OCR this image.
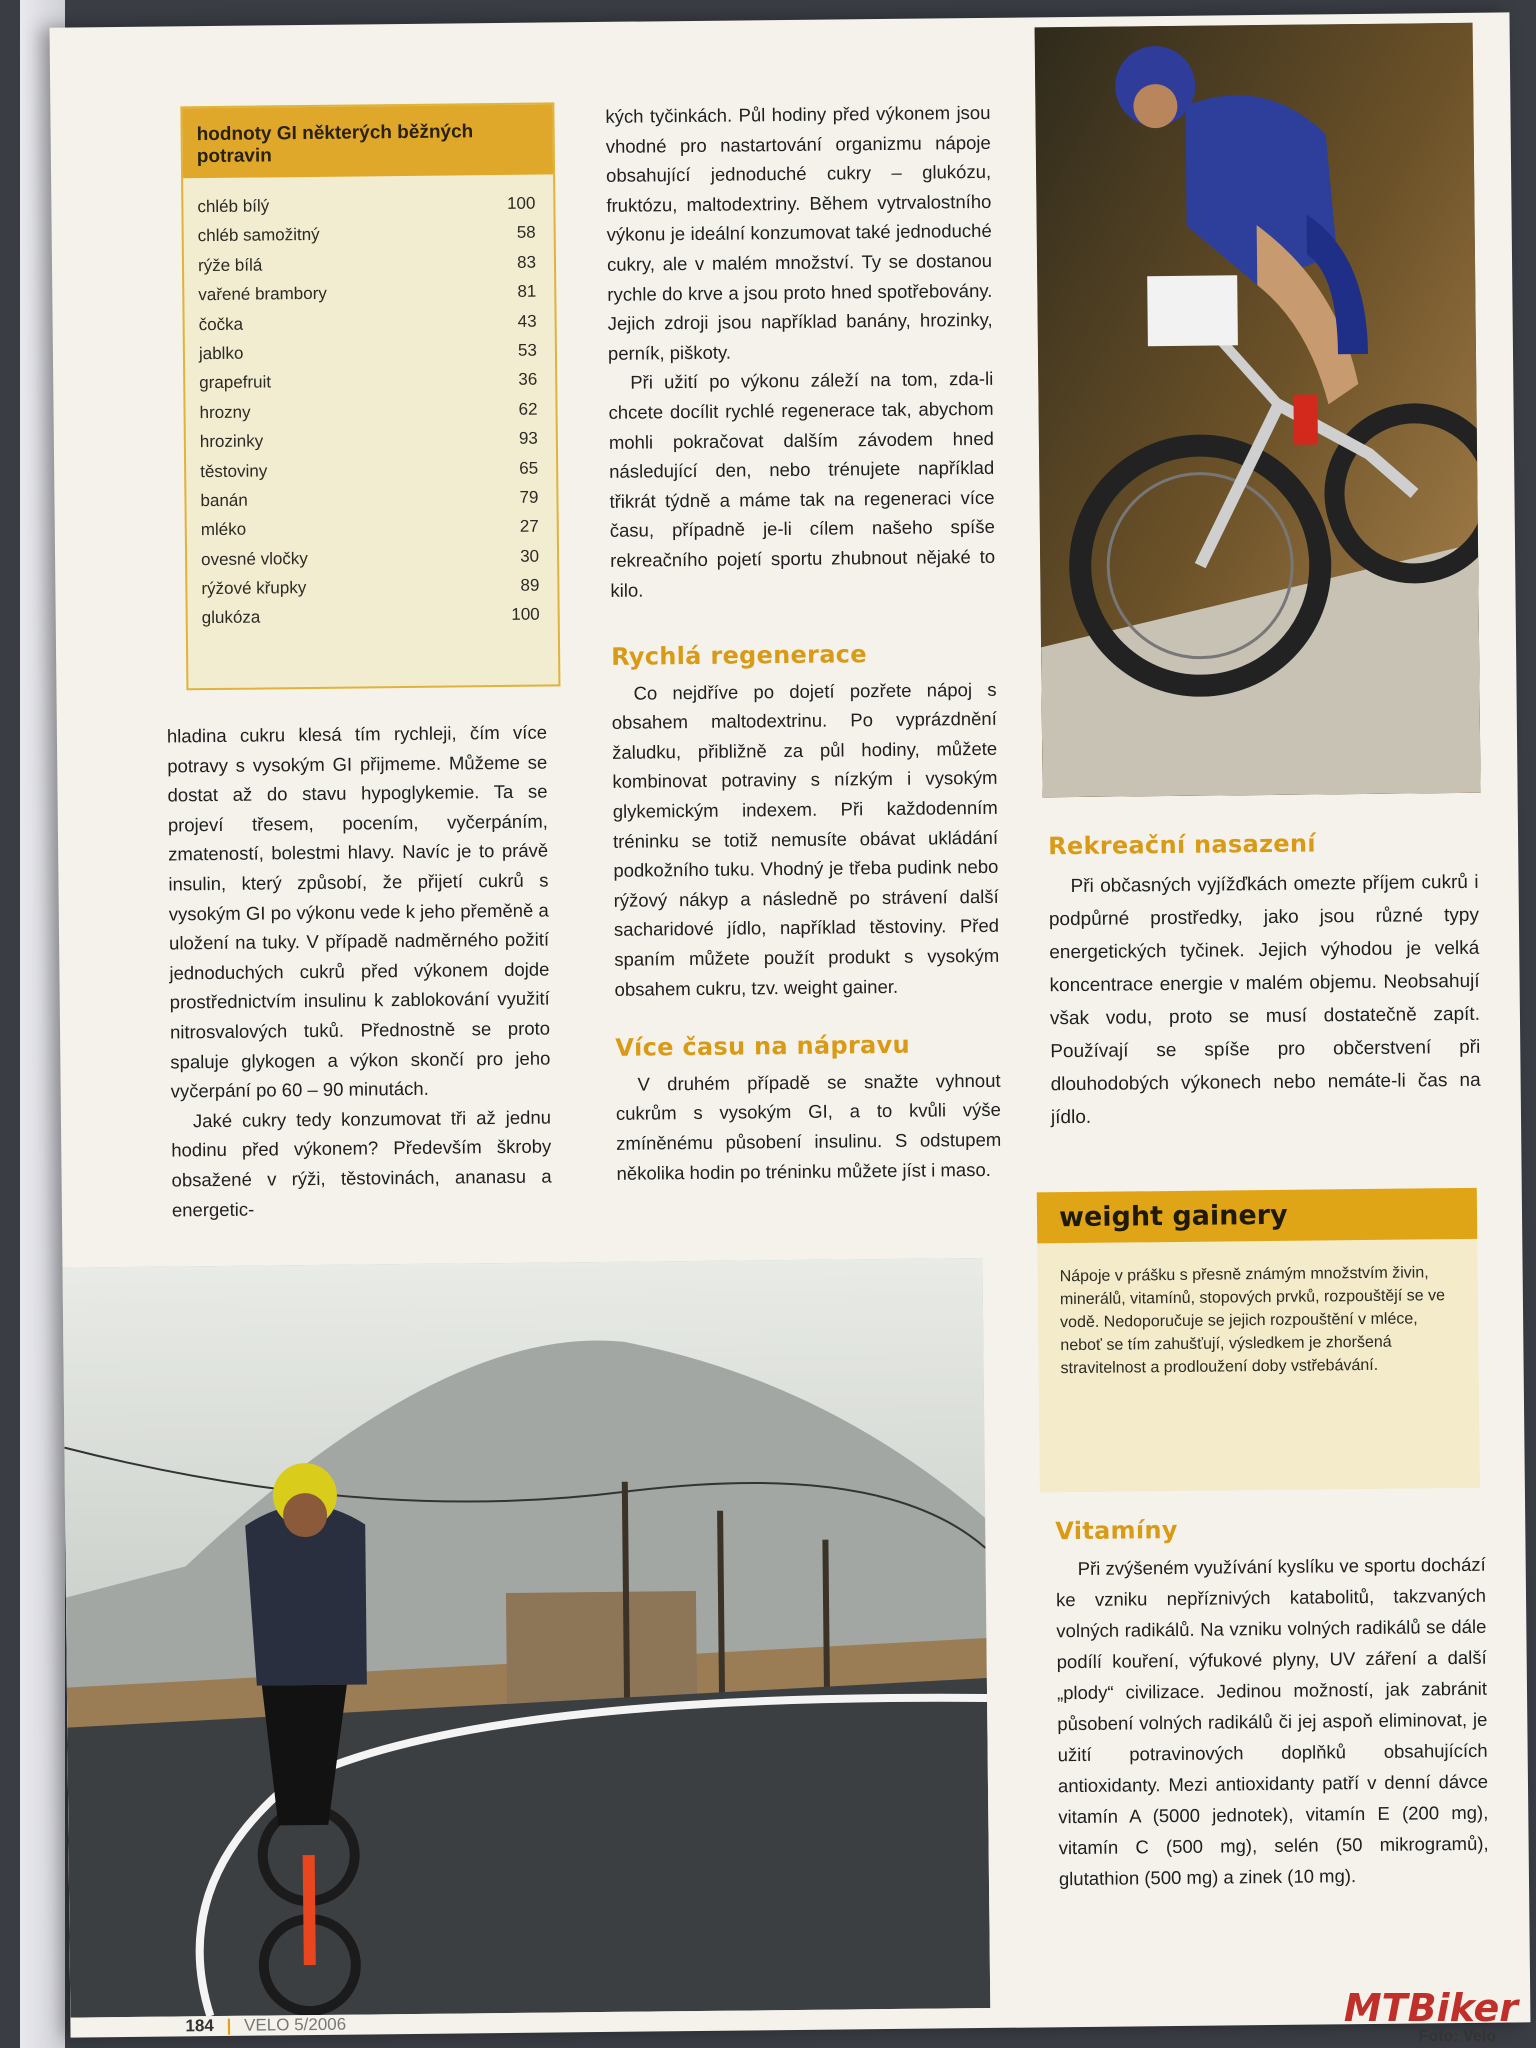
hodnoty GI některých běžných potravin
chléb bílý	100
chléb samožitný	58
rýže bílá	83
vařené brambory	81
čočka	43
jablko	53
grapefruit	36
hrozny	62
hrozinky	93
těstoviny	65
banán	79
mléko	27
ovesné vločky	30
rýžové křupky	89
glukóza	100

hladina cukru klesá tím rychleji, čím více potravy s vysokým GI přijmeme. Můžeme se dostat až do stavu hypoglykemie. Ta se projeví třesem, pocením, vyčerpáním, zmateností, bolestmi hlavy. Navíc je to právě insulin, který způsobí, že přijetí cukrů s vysokým GI po výkonu vede k jeho přeměně a uložení na tuky. V případě nadměrného požití jednoduchých cukrů před výkonem dojde prostřednictvím insulinu k zablokování využití nitrosvalových tuků. Přednostně se proto spaluje glykogen a výkon skončí pro jeho vyčerpání po 60 – 90 minutách.

Jaké cukry tedy konzumovat tři až jednu hodinu před výkonem? Především škroby obsažené v rýži, těstovinách, ananasu a energetic-

kých tyčinkách. Půl hodiny před výkonem jsou vhodné pro nastartování organizmu nápoje obsahující jednoduché cukry – glukózu, fruktózu, maltodextriny. Během vytrvalostního výkonu je ideální konzumovat také jednoduché cukry, ale v malém množství. Ty se dostanou rychle do krve a jsou proto hned spotřebovány. Jejich zdroji jsou například banány, hrozinky, perník, piškoty.

Při užití po výkonu záleží na tom, zda-li chcete docílit rychlé regenerace tak, abychom mohli pokračovat dalším závodem hned následující den, nebo trénujete například třikrát týdně a máme tak na regeneraci více času, případně je-li cílem našeho spíše rekreačního pojetí sportu zhubnout nějaké to kilo.

Rychlá regenerace

Co nejdříve po dojetí pozřete nápoj s obsahem maltodextrinu. Po vyprázdnění žaludku, přibližně za půl hodiny, můžete kombinovat potraviny s nízkým i vysokým glykemickým indexem. Při každodenním tréninku se totiž nemusíte obávat ukládání podkožního tuku. Vhodný je třeba pudink nebo rýžový nákyp a následně po strávení další sacharidové jídlo, například těstoviny. Před spaním můžete použít produkt s vysokým obsahem cukru, tzv. weight gainer.

Více času na nápravu

V druhém případě se snažte vyhnout cukrům s vysokým GI, a to kvůli výše zmíněnému působení insulinu. S odstupem několika hodin po tréninku můžete jíst i maso.

Rekreační nasazení

Při občasných vyjížďkách omezte příjem cukrů i podpůrné prostředky, jako jsou různé typy energetických tyčinek. Jejich výhodou je velká koncentrace energie v malém objemu. Neobsahují však vodu, proto se musí dostatečně zapít. Používají se spíše pro občerstvení při dlouhodobých výkonech nebo nemáte-li čas na jídlo.

weight gainery
Nápoje v prášku s přesně známým množstvím živin, minerálů, vitamínů, stopových prvků, rozpouštějí se ve vodě. Nedoporučuje se jejich rozpouštění v mléce, neboť se tím zahušťují, výsledkem je zhoršená stravitelnost a prodloužení doby vstřebávání.
Vitamíny

Při zvýšeném využívání kyslíku ve sportu dochází ke vzniku nepříznivých katabolitů, takzvaných volných radikálů. Na vzniku volných radikálů se dále podílí kouření, výfukové plyny, UV záření a další „plody“ civilizace. Jedinou možností, jak zabránit působení volných radikálů či jej aspoň eliminovat, je užití potravinových doplňků obsahujících antioxidanty. Mezi antioxidanty patří v denní dávce vitamín A (5000 jednotek), vitamín E (200 mg), vitamín C (500 mg), selén (50 mikrogramů), glutathion (500 mg) a zinek (10 mg).

184 | VELO 5/2006	MTBiker
Foto: Velo
